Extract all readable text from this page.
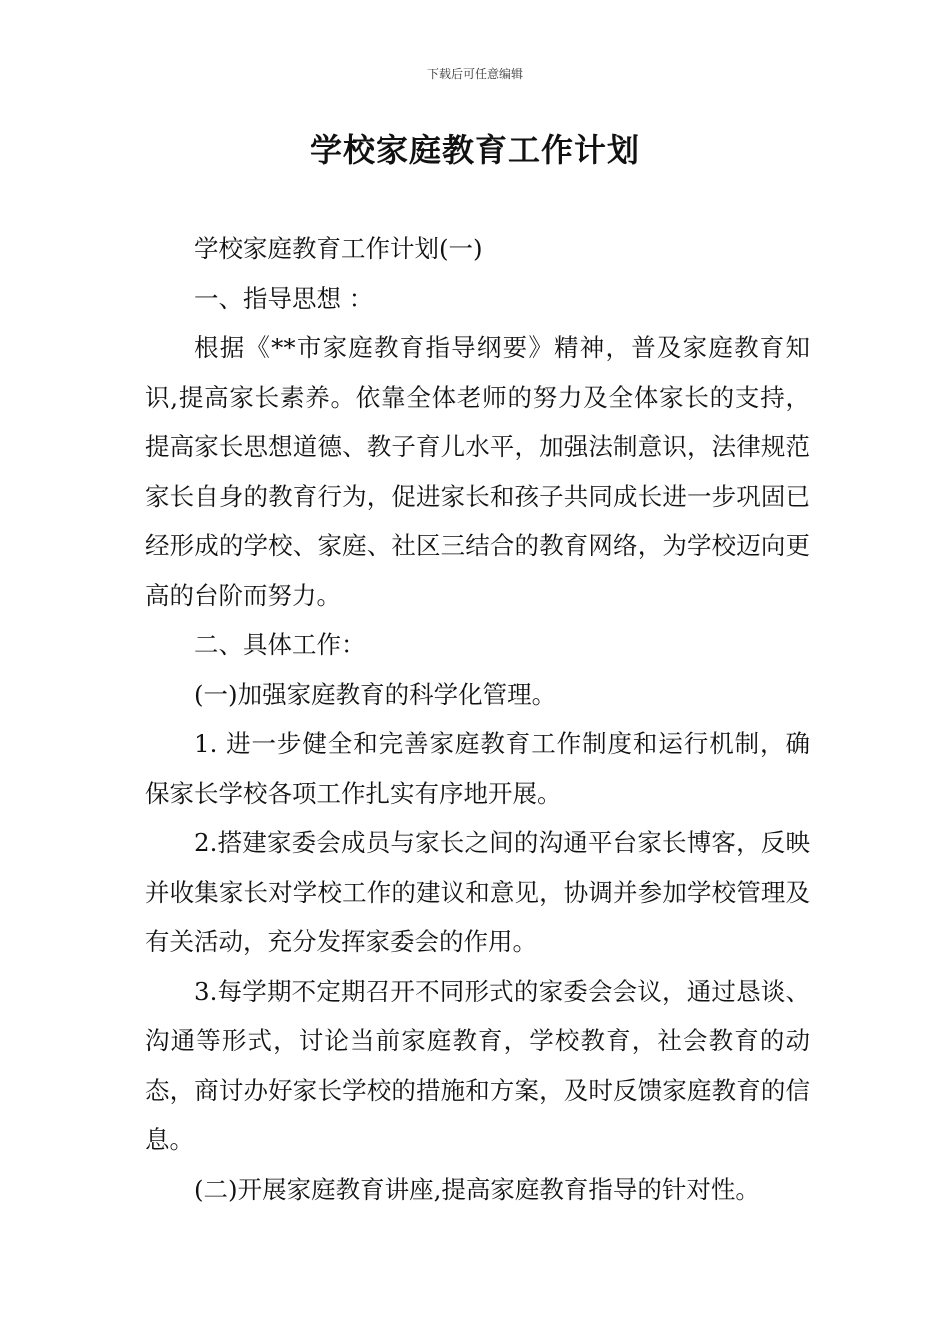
下载后可任意编辑
学校家庭教育工作计划

学校家庭教育工作计划(一)

一、指导思想 ：

根据《**市家庭教育指导纲要》精神，普及家庭教育知识,提高家长素养。依靠全体老师的努力及全体家长的支持，提高家长思想道德、教子育儿水平，加强法制意识，法律规范家长自身的教育行为，促进家长和孩子共同成长进一步巩固已经形成的学校、家庭、社区三结合的教育网络，为学校迈向更高的台阶而努力。

二、具体工作：

(一)加强家庭教育的科学化管理。

1. 进一步健全和完善家庭教育工作制度和运行机制，确保家长学校各项工作扎实有序地开展。

2.搭建家委会成员与家长之间的沟通平台家长博客，反映并收集家长对学校工作的建议和意见，协调并参加学校管理及有关活动，充分发挥家委会的作用。

3.每学期不定期召开不同形式的家委会会议，通过恳谈、沟通等形式，讨论当前家庭教育，学校教育，社会教育的动态，商讨办好家长学校的措施和方案，及时反馈家庭教育的信息。

(二)开展家庭教育讲座,提高家庭教育指导的针对性。
